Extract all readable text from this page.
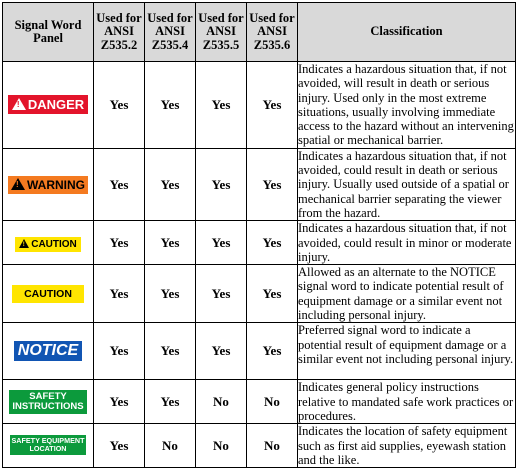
Signal Word Panel	Used for ANSI Z535.2	Used for ANSI Z535.4	Used for ANSI Z535.5	Used for ANSI Z535.6	Classification

! DANGER	Yes	Yes	Yes	Yes	Indicates a hazardous situation that, if not avoided, will result in death or serious injury. Used only in the most extreme situations, usually involving immediate access to the hazard without an intervening spatial or mechanical barrier.

! WARNING	Yes	Yes	Yes	Yes	Indicates a hazardous situation that, if not avoided, could result in death or serious injury. Usually used outside of a spatial or mechanical barrier separating the viewer from the hazard.

! CAUTION	Yes	Yes	Yes	Yes	Indicates a hazardous situation that, if not avoided, could result in minor or moderate injury.
CAUTION	Yes	Yes	Yes	Yes	Allowed as an alternate to the NOTICE signal word to indicate potential result of equipment damage or a similar event not including personal injury.
NOTICE	Yes	Yes	Yes	Yes	Preferred signal word to indicate a potential result of equipment damage or a similar event not including personal injury.

SAFETY
INSTRUCTIONS	Yes	Yes	No	No	Indicates general policy instructions relative to mandated safe work practices or procedures.

SAFETY EQUIPMENT
LOCATION	Yes	No	No	No	Indicates the location of safety equipment such as first aid supplies, eyewash station and the like.
